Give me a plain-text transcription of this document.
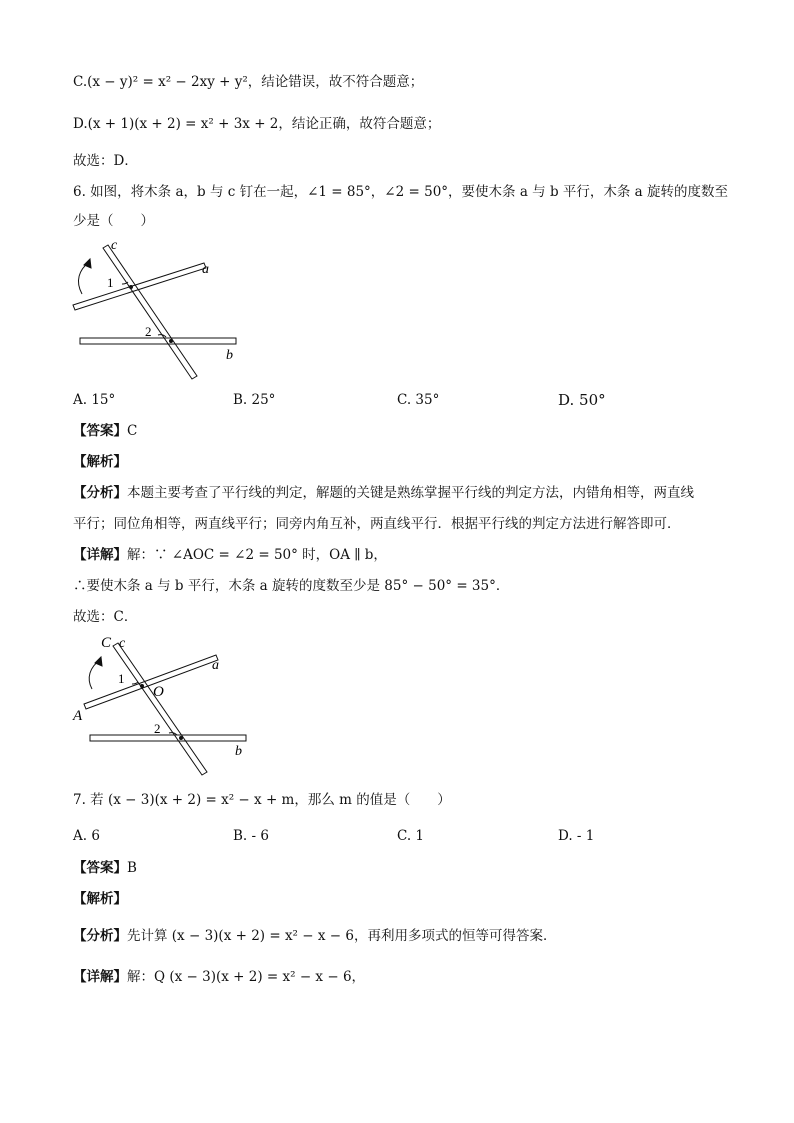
C.(x − y)² = x² − 2xy + y²，结论错误，故不符合题意；
D.(x + 1)(x + 2) = x² + 3x + 2，结论正确，故符合题意；
故选：D．
6. 如图，将木条 a，b 与 c 钉在一起，∠1 = 85°，∠2 = 50°，要使木条 a 与 b 平行，木条 a 旋转的度数至
少是（　　）
c
a
b
1
2
A. 15°	B. 25°	C. 35°	D. 50°
【答案】C
【解析】
【分析】本题主要考查了平行线的判定，解题的关键是熟练掌握平行线的判定方法，内错角相等，两直线
平行；同位角相等，两直线平行；同旁内角互补，两直线平行．根据平行线的判定方法进行解答即可．
【详解】解：∵ ∠AOC = ∠2 = 50° 时，OA ∥ b，
∴要使木条 a 与 b 平行，木条 a 旋转的度数至少是 85° − 50° = 35°．
故选：C．
C c
a
b
1
2
O
A
7. 若 (x − 3)(x + 2) = x² − x + m，那么 m 的值是（　　）
A. 6	B. - 6	C. 1	D. - 1
【答案】B
【解析】
【分析】先计算 (x − 3)(x + 2) = x² − x − 6，再利用多项式的恒等可得答案．
【详解】解：Q (x − 3)(x + 2) = x² − x − 6，
